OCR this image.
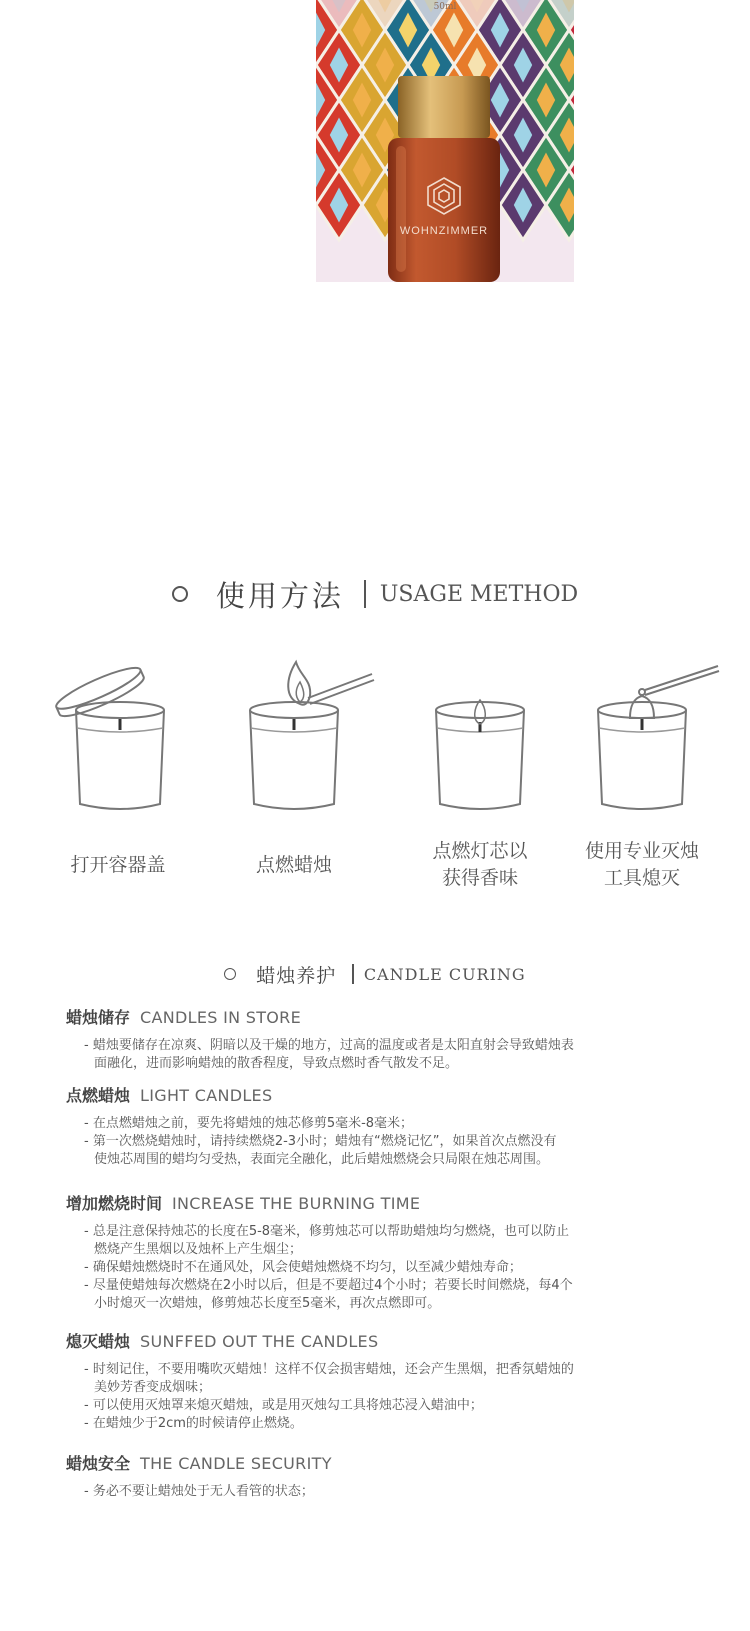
50ml
WOHNZIMMER
使用方法 USAGE METHOD
打开容器盖	点燃蜡烛
点燃灯芯以
获得香味
使用专业灭烛
工具熄灭
蜡烛养护 CANDLE CURING
蜡烛储存 CANDLES IN STORE
- 蜡烛要储存在凉爽、阴暗以及干燥的地方，过高的温度或者是太阳直射会导致蜡烛表
面融化，进而影响蜡烛的散香程度，导致点燃时香气散发不足。
点燃蜡烛 LIGHT CANDLES
- 在点燃蜡烛之前，要先将蜡烛的烛芯修剪5毫米-8毫米；
- 第一次燃烧蜡烛时，请持续燃烧2-3小时；蜡烛有“燃烧记忆”，如果首次点燃没有
使烛芯周围的蜡均匀受热，表面完全融化，此后蜡烛燃烧会只局限在烛芯周围。
增加燃烧时间 INCREASE THE BURNING TIME
- 总是注意保持烛芯的长度在5-8毫米，修剪烛芯可以帮助蜡烛均匀燃烧，也可以防止
燃烧产生黑烟以及烛杯上产生烟尘；
- 确保蜡烛燃烧时不在通风处，风会使蜡烛燃烧不均匀，以至减少蜡烛寿命；
- 尽量使蜡烛每次燃烧在2小时以后，但是不要超过4个小时；若要长时间燃烧，每4个
小时熄灭一次蜡烛，修剪烛芯长度至5毫米，再次点燃即可。
熄灭蜡烛 SUNFFED OUT THE CANDLES
- 时刻记住，不要用嘴吹灭蜡烛！这样不仅会损害蜡烛，还会产生黑烟，把香氛蜡烛的
美妙芳香变成烟味；
- 可以使用灭烛罩来熄灭蜡烛，或是用灭烛勾工具将烛芯浸入蜡油中；
- 在蜡烛少于2cm的时候请停止燃烧。
蜡烛安全 THE CANDLE SECURITY
- 务必不要让蜡烛处于无人看管的状态；
